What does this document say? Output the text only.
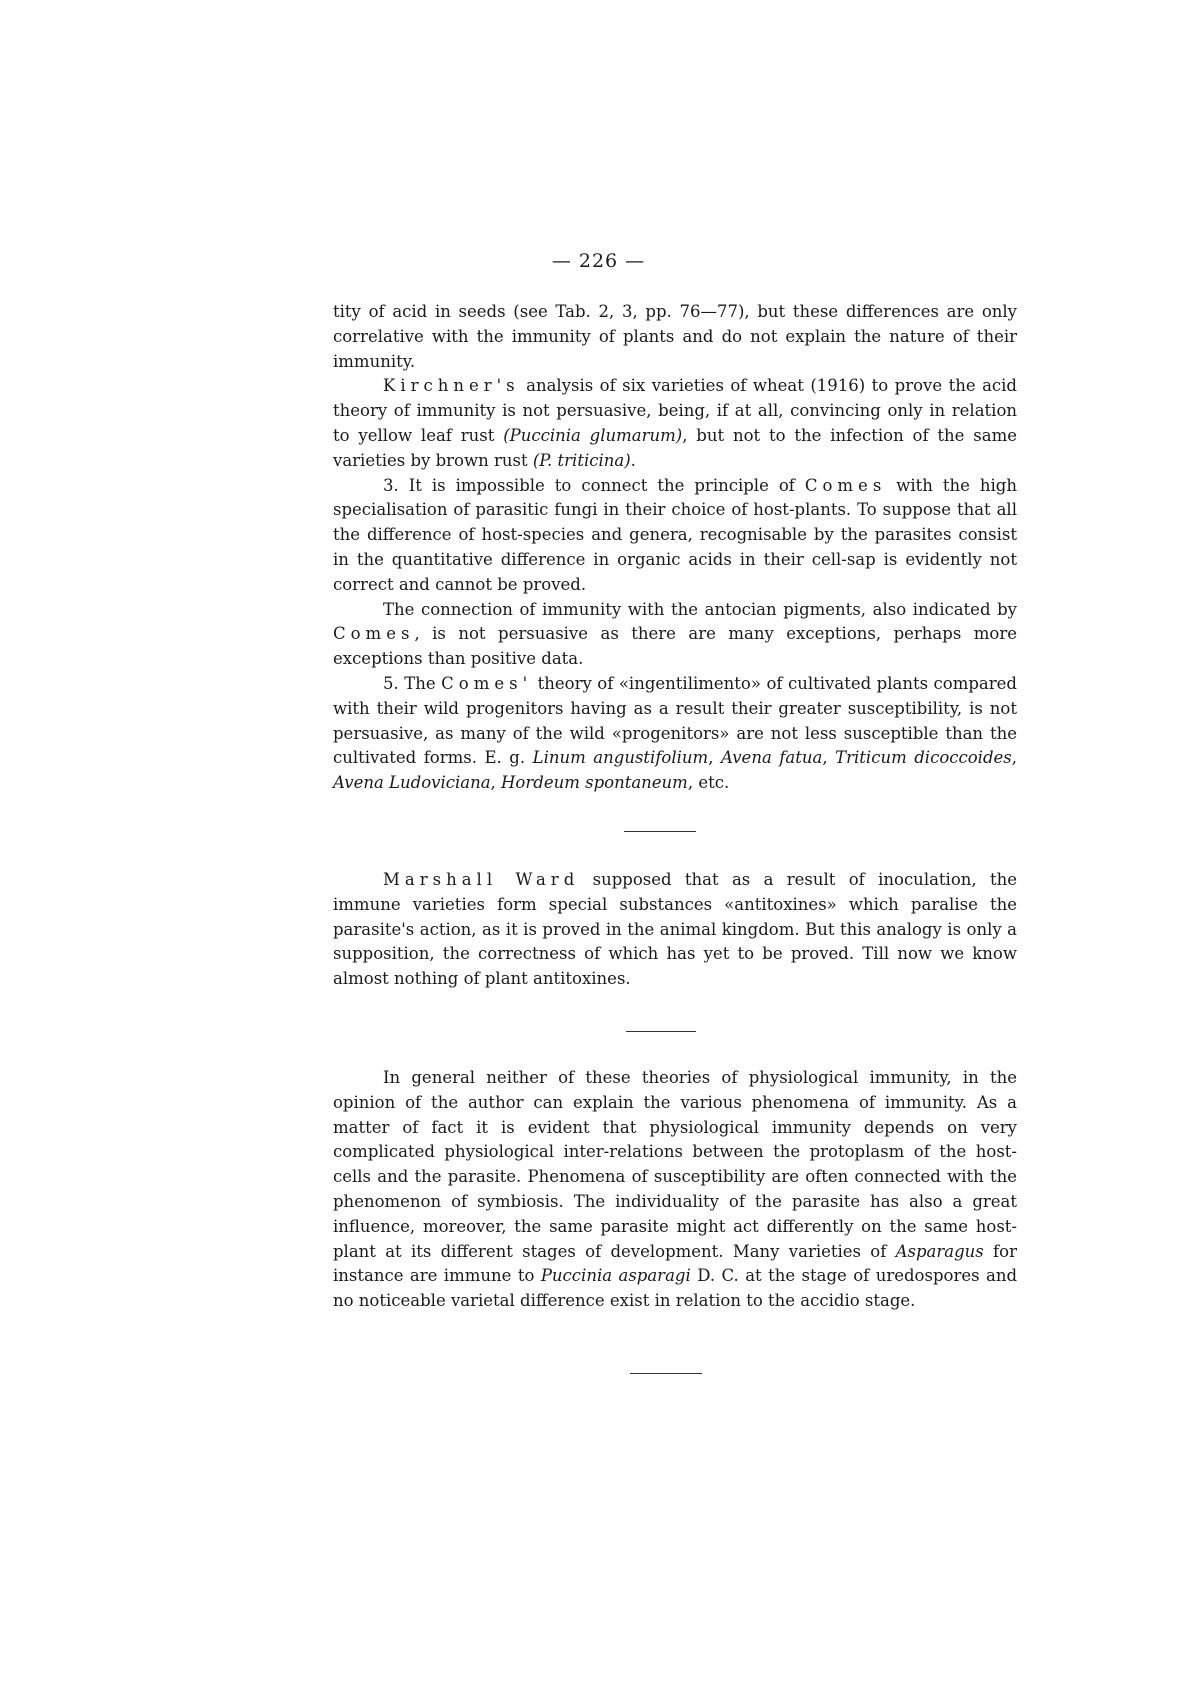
— 226 —

tity of acid in seeds (see Tab. 2, 3, pp. 76—77), but these differences are only correlative with the immunity of plants and do not explain the nature of their immunity.

Kirchner's analysis of six varieties of wheat (1916) to prove the acid theory of immunity is not persuasive, being, if at all, convincing only in relation to yellow leaf rust (Puccinia glumarum), but not to the infection of the same varieties by brown rust (P. triticina).

3. It is impossible to connect the principle of Comes with the high specialisation of parasitic fungi in their choice of host-plants. To suppose that all the difference of host-species and genera, recognisable by the parasites consist in the quantitative difference in organic acids in their cell-sap is evidently not correct and cannot be proved.

The connection of immunity with the antocian pigments, also indicated by Comes, is not persuasive as there are many exceptions, perhaps more exceptions than positive data.

5. The Comes' theory of «ingentilimento» of cultivated plants compared with their wild progenitors having as a result their greater susceptibility, is not persuasive, as many of the wild «progenitors» are not less susceptible than the cultivated forms. E. g. Linum angustifolium, Avena fatua, Triticum dicoccoides, Avena Ludoviciana, Hordeum spontaneum, etc.

Marshall Ward supposed that as a result of inoculation, the immune varieties form special substances «antitoxines» which paralise the parasite's action, as it is proved in the animal kingdom. But this analogy is only a supposition, the correctness of which has yet to be proved. Till now we know almost nothing of plant antitoxines.

In general neither of these theories of physiological immunity, in the opinion of the author can explain the various phenomena of immunity. As a matter of fact it is evident that physiological immunity depends on very complicated physiological inter-relations between the protoplasm of the host-cells and the parasite. Phenomena of susceptibility are often connected with the phenomenon of symbiosis. The individuality of the parasite has also a great influence, moreover, the same parasite might act differently on the same host-plant at its different stages of development. Many varieties of Asparagus for instance are immune to Puccinia asparagi D. C. at the stage of uredospores and no noticeable varietal difference exist in relation to the accidio stage.
